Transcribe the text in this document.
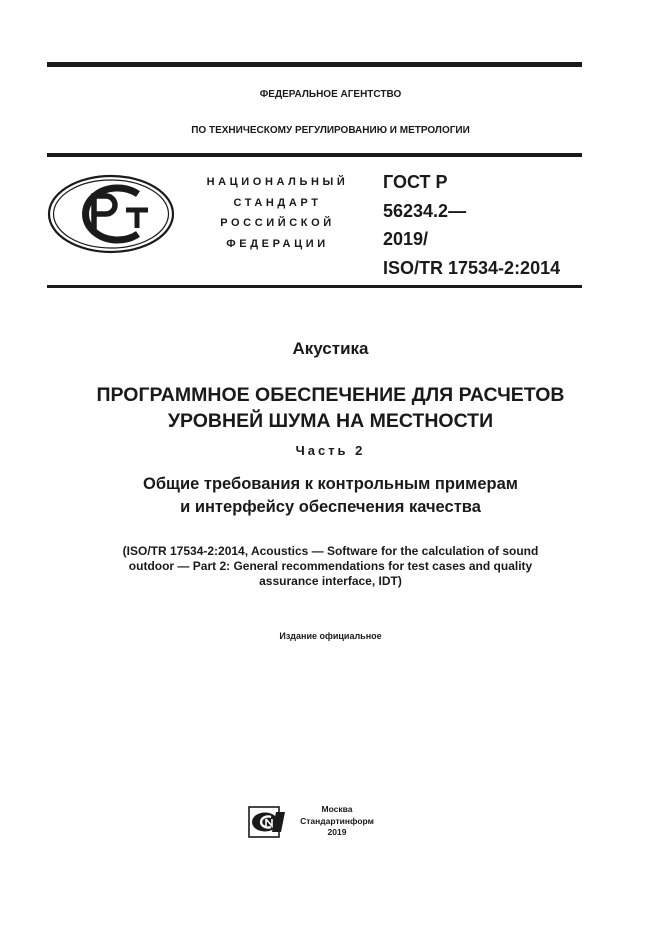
ФЕДЕРАЛЬНОЕ АГЕНТСТВО
ПО ТЕХНИЧЕСКОМУ РЕГУЛИРОВАНИЮ И МЕТРОЛОГИИ
НАЦИОНАЛЬНЫЙ
СТАНДАРТ
РОССИЙСКОЙ
ФЕДЕРАЦИИ
ГОСТ Р
56234.2—
2019/
ISO/TR 17534-2:2014
Акустика
ПРОГРАММНОЕ ОБЕСПЕЧЕНИЕ ДЛЯ РАСЧЕТОВ
УРОВНЕЙ ШУМА НА МЕСТНОСТИ
Часть 2
Общие требования к контрольным примерам
и интерфейсу обеспечения качества
(ISO/TR 17534-2:2014, Acoustics — Software for the calculation of sound
outdoor — Part 2: General recommendations for test cases and quality
assurance interface, IDT)
Издание официальное
Москва
Стандартинформ
2019
